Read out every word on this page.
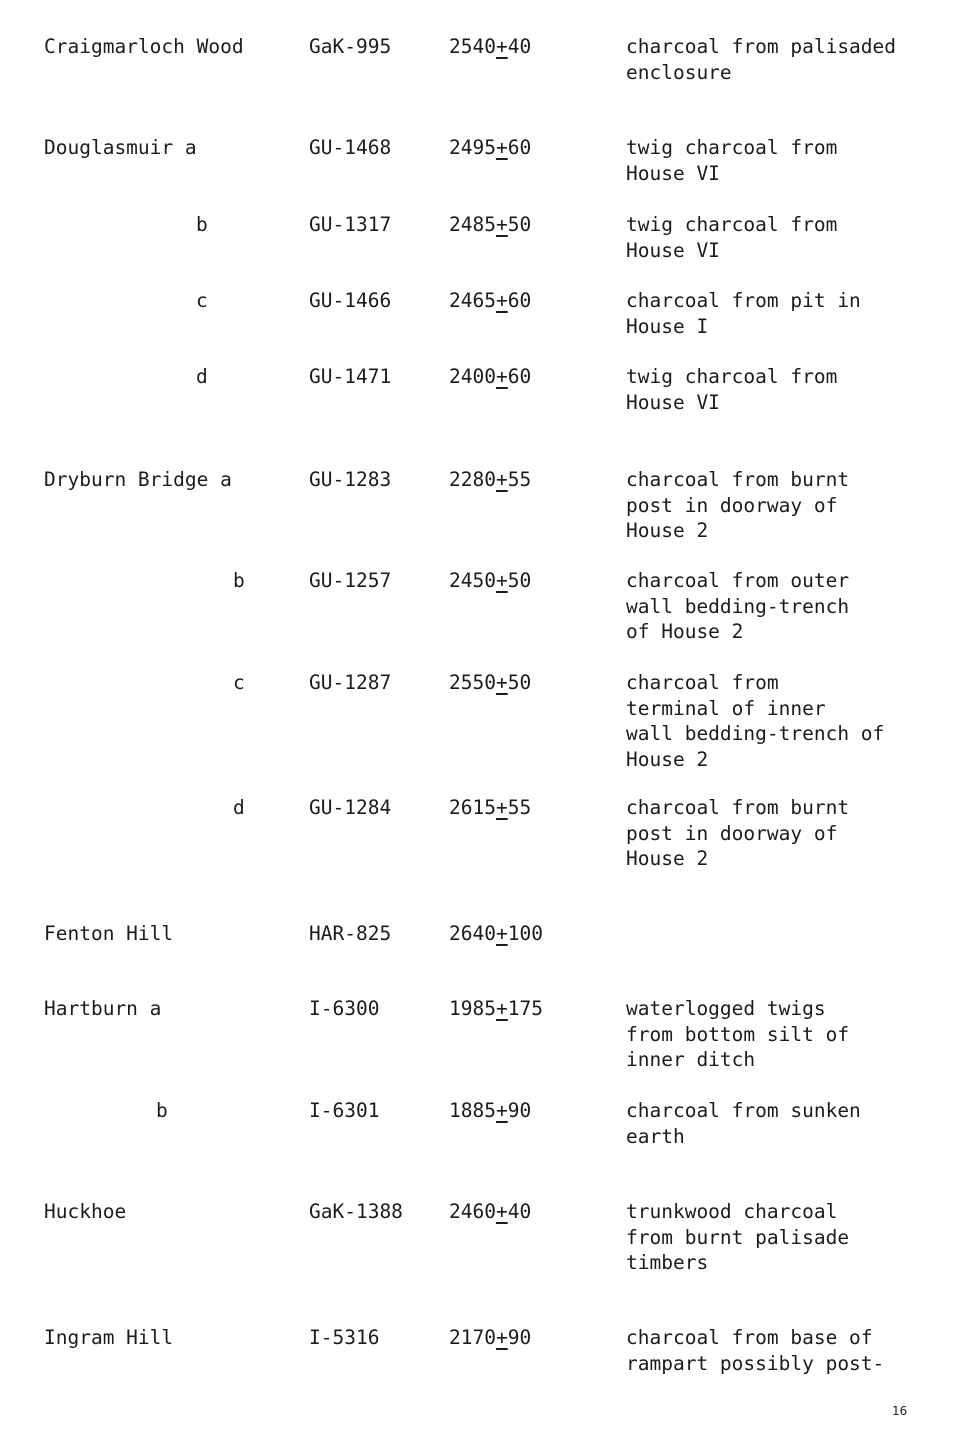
Craigmarloch Wood	GaK-995	2540+40	charcoal from palisaded
enclosure
Douglasmuir a	GU-1468	2495+60	twig charcoal from
House VI
b	GU-1317	2485+50	twig charcoal from
House VI
c	GU-1466	2465+60	charcoal from pit in
House I
d	GU-1471	2400+60	twig charcoal from
House VI
Dryburn Bridge a	GU-1283	2280+55	charcoal from burnt
post in doorway of
House 2
b	GU-1257	2450+50	charcoal from outer
wall bedding-trench
of House 2
c	GU-1287	2550+50	charcoal from
terminal of inner
wall bedding-trench of
House 2
d	GU-1284	2615+55	charcoal from burnt
post in doorway of
House 2
Fenton Hill	HAR-825	2640+100
Hartburn a	I-6300	1985+175	waterlogged twigs
from bottom silt of
inner ditch
b	I-6301	1885+90	charcoal from sunken
earth
Huckhoe	GaK-1388 2460+40	trunkwood charcoal
from burnt palisade
timbers
Ingram Hill	I-5316	2170+90	charcoal from base of
rampart possibly post-
16
